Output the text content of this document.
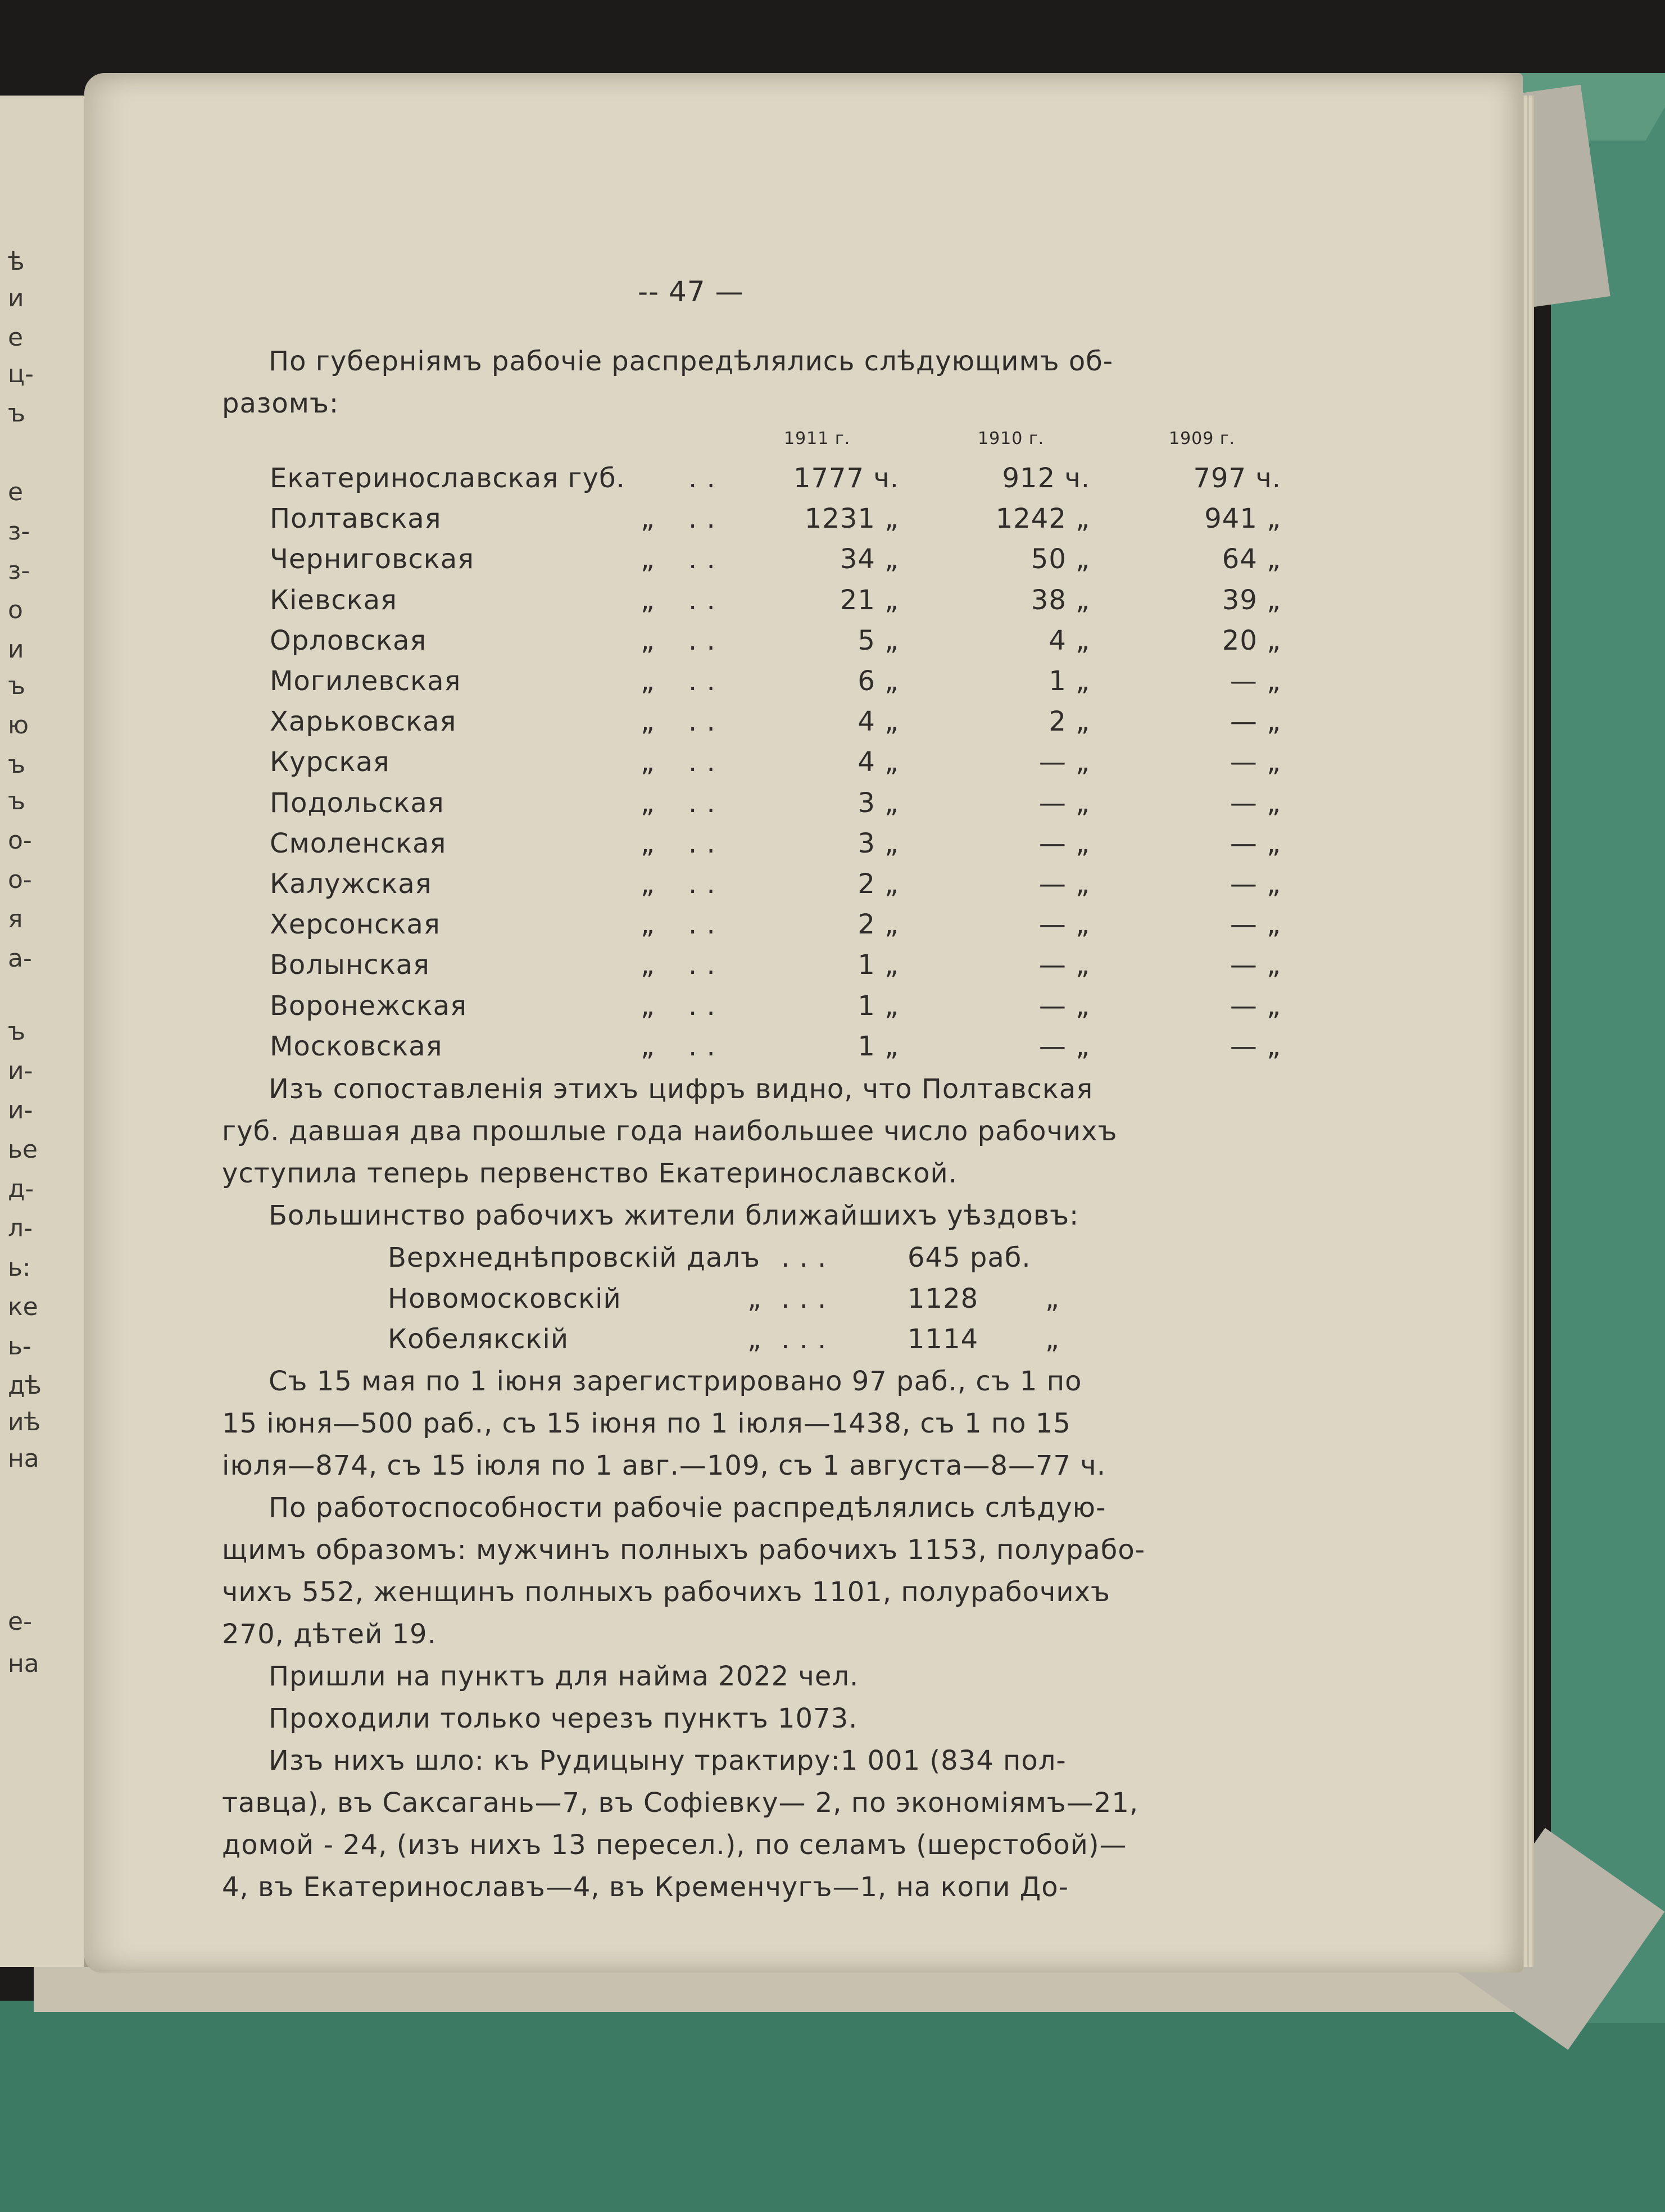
ѣ
и
е
ц-
ъ
е
з-
з-
о
и
ъ
ю
ъ
ъ
о-
о-
я
а-
ъ
и-
и-
ье
д-
л-
ь:
ке
ь-
дѣ
иѣ
на
е-
на
-- 47 —
По губерніямъ рабочіе распредѣлялись слѣдующимъ об-
разомъ:
1911 г.	1910 г.	1909 г.
Екатеринославская губ. . .	1777 ч.	912 ч.	797 ч.
Полтавская	„ . .	1231 „	1242 „	941 „
Черниговская	„ . .	34 „	50 „	64 „
Кіевская	„ . .	21 „	38 „	39 „
Орловская	„ . .	5 „	4 „	20 „
Могилевская	„ . .	6 „	1 „	— „
Харьковская	„ . .	4 „	2 „	— „
Курская	„ . .	4 „	— „	— „
Подольская	„ . .	3 „	— „	— „
Смоленская	„ . .	3 „	— „	— „
Калужская	„ . .	2 „	— „	— „
Херсонская	„ . .	2 „	— „	— „
Волынская	„ . .	1 „	— „	— „
Воронежская	„ . .	1 „	— „	— „
Московская	„ . .	1 „	— „	— „
Изъ сопоставленія этихъ цифръ видно, что Полтавская
губ. давшая два прошлые года наибольшее число рабочихъ
уступила теперь первенство Екатеринославской.
Большинство рабочихъ жители ближайшихъ уѣздовъ:
Верхнеднѣпровскій далъ . . .	645 раб.
Новомосковскій	„ . . .	1128 „
Кобелякскій	„ . . .	1114 „
Съ 15 мая по 1 іюня зарегистрировано 97 раб., съ 1 по
15 іюня—500 раб., съ 15 іюня по 1 іюля—1438, съ 1 по 15
іюля—874, съ 15 іюля по 1 авг.—109, съ 1 августа—8—77 ч.
По работоспособности рабочіе распредѣлялись слѣдую-
щимъ образомъ: мужчинъ полныхъ рабочихъ 1153, полурабо-
чихъ 552, женщинъ полныхъ рабочихъ 1101, полурабочихъ
270, дѣтей 19.
Пришли на пунктъ для найма 2022 чел.
Проходили только черезъ пунктъ 1073.
Изъ нихъ шло: къ Рудицыну трактиру:1 001 (834 пол-
тавца), въ Саксагань—7, въ Софіевку— 2, по экономіямъ—21,
домой - 24, (изъ нихъ 13 пересел.), по селамъ (шерстобой)—
4, въ Екатеринославъ—4, въ Кременчугъ—1, на копи До-
